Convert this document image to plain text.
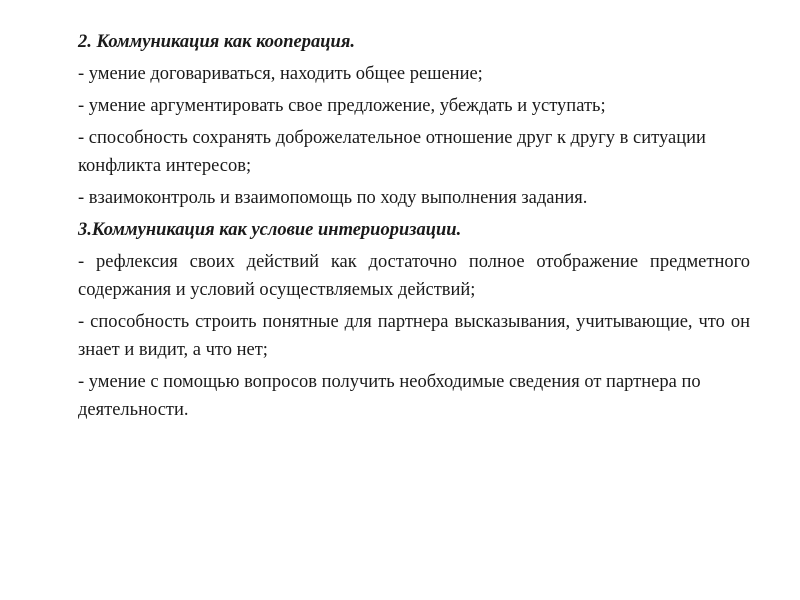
2. Коммуникация как кооперация.

- умение договариваться, находить общее решение;

- умение аргументировать свое предложение, убеждать и уступать;

- способность сохранять доброжелательное отношение друг к другу в ситуации конфликта интересов;

- взаимоконтроль и взаимопомощь по ходу выполнения задания.

3.Коммуникация как условие интериоризации.

- рефлексия своих действий как достаточно полное отображение предметного содержания и условий осуществляемых действий;

- способность строить понятные для партнера высказывания, учитывающие, что он знает и видит, а что нет;

- умение с помощью вопросов получить необходимые сведения от партнера по деятельности.
